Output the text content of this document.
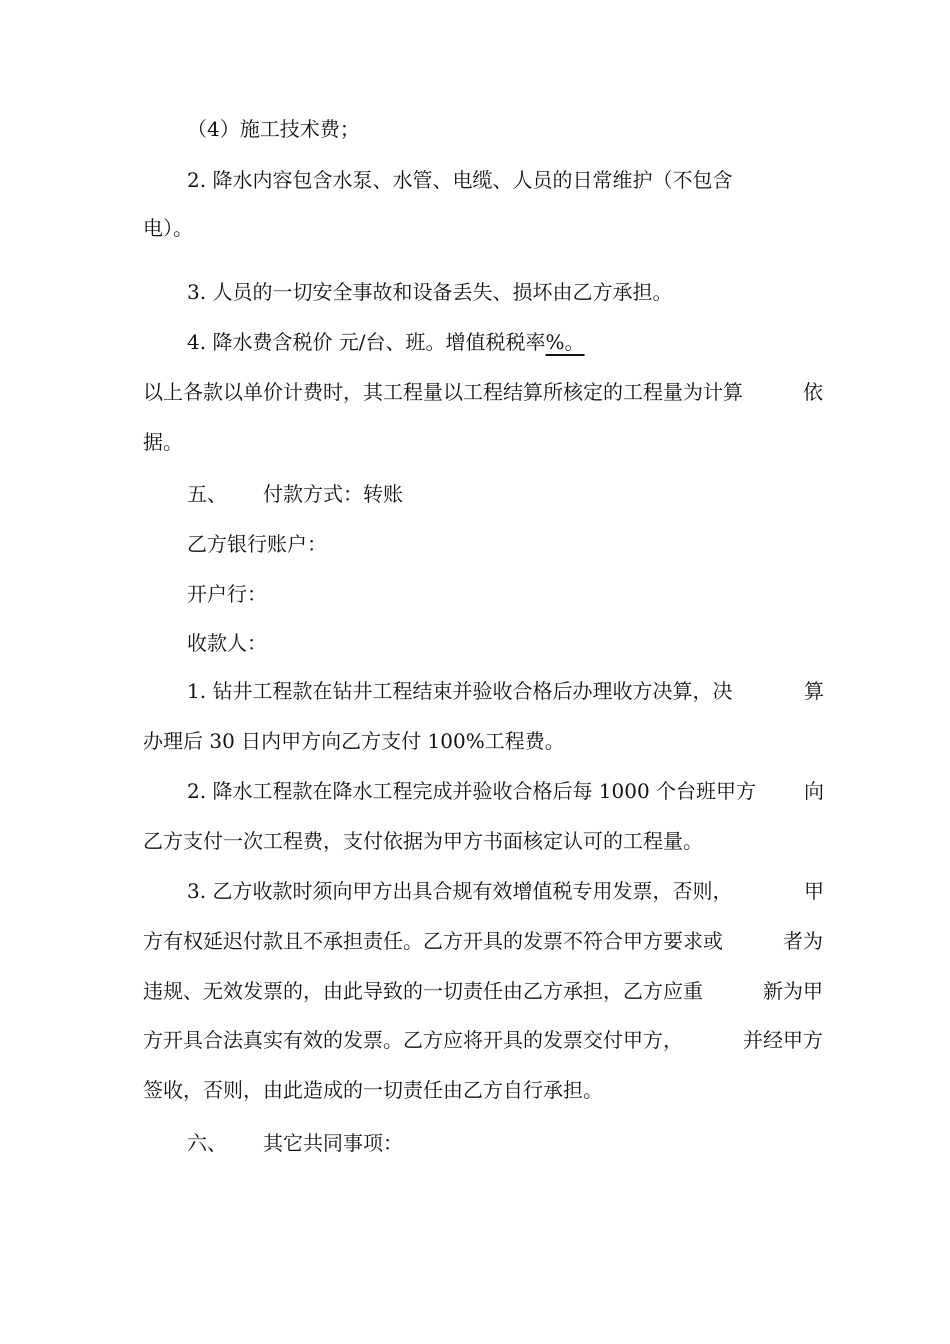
（4）施工技术费；
2. 降水内容包含水泵、水管、电缆、人员的日常维护（不包含
电）。
3. 人员的一切安全事故和设备丢失、损坏由乙方承担。
4. 降水费含税价 元/台、班。增值税税率%。
以上各款以单价计费时，其工程量以工程结算所核定的工程量为计算	依
据。
五、 付款方式：转账
乙方银行账户：
开户行：
收款人：
1. 钻井工程款在钻井工程结束并验收合格后办理收方决算，决	算
办理后 30 日内甲方向乙方支付 100%工程费。
2. 降水工程款在降水工程完成并验收合格后每 1000 个台班甲方 向
乙方支付一次工程费，支付依据为甲方书面核定认可的工程量。
3. 乙方收款时须向甲方出具合规有效增值税专用发票，否则，	甲
方有权延迟付款且不承担责任。乙方开具的发票不符合甲方要求或	者为
违规、无效发票的，由此导致的一切责任由乙方承担，乙方应重	新为甲
方开具合法真实有效的发票。乙方应将开具的发票交付甲方，	并经甲方
签收，否则，由此造成的一切责任由乙方自行承担。
六、 其它共同事项：
